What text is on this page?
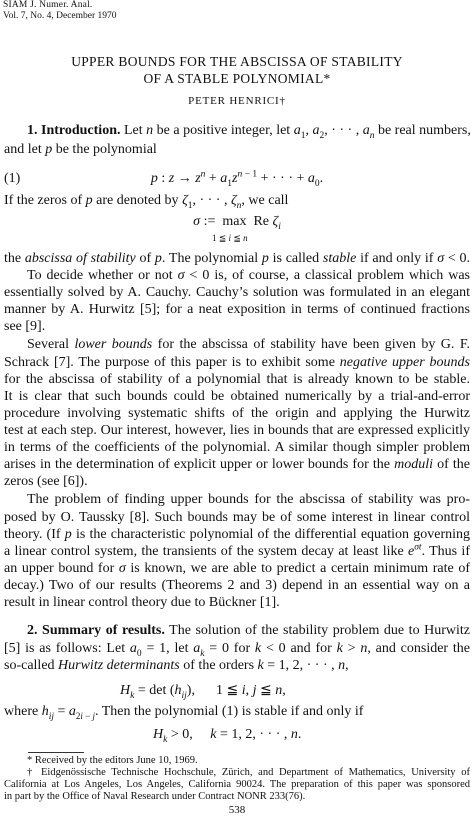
SIAM J. Numer. Anal.
Vol. 7, No. 4, December 1970
UPPER BOUNDS FOR THE ABSCISSA OF STABILITY
OF A STABLE POLYNOMIAL*
PETER HENRICI†
1. Introduction. Let n be a positive integer, let $a_1$, $a_2$, · · · , $a_n$ be real numbers,
and let p be the polynomial
(1)	p : $z \to z^n + a_1z^{n - 1}$ + · · · + $a_0$.
If the zeros of p are denoted by $\zeta_1$, · · · , $\zeta_n$, we call
σ :=  max  Re $\zeta_i$
1 ≦ i ≦ n
the abscissa of stability of p. The polynomial p is called stable if and only if σ < 0.
To decide whether or not σ < 0 is, of course, a classical problem which was
essentially solved by A. Cauchy. Cauchy’s solution was formulated in an elegant
manner by A. Hurwitz [5]; for a neat exposition in terms of continued fractions
see [9].
Several lower bounds for the abscissa of stability have been given by G. F.
Schrack [7]. The purpose of this paper is to exhibit some negative upper bounds
for the abscissa of stability of a polynomial that is already known to be stable.
It is clear that such bounds could be obtained numerically by a trial-and-error
procedure involving systematic shifts of the origin and applying the Hurwitz
test at each step. Our interest, however, lies in bounds that are expressed explicitly
in terms of the coefficients of the polynomial. A similar though simpler problem
arises in the determination of explicit upper or lower bounds for the moduli of the
zeros (see [6]).
The problem of finding upper bounds for the abscissa of stability was pro-
posed by O. Taussky [8]. Such bounds may be of some interest in linear control
theory. (If p is the characteristic polynomial of the differential equation governing
a linear control system, the transients of the system decay at least like $e^{\sigma t}$. Thus if
an upper bound for σ is known, we are able to predict a certain minimum rate of
decay.) Two of our results (Theorems 2 and 3) depend in an essential way on a
result in linear control theory due to Bückner [1].
2. Summary of results. The solution of the stability problem due to Hurwitz
[5] is as follows: Let $a_0 = 1$, let $a_k = 0$ for k < 0 and for k > n, and consider the
so-called Hurwitz determinants of the orders k = 1, 2, · · · , n,
$H_k = \det (h_{ij})$,      1 ≦ i, j ≦ n,
where $h_{ij} = a_{2i - j}$. Then the polynomial (1) is stable if and only if
$H_k > 0$,     k = 1, 2, · · · , n.
* Received by the editors June 10, 1969.
† Eidgenössische Technische Hochschule, Zürich, and Department of Mathematics, University of
California at Los Angeles, Los Angeles, California 90024. The preparation of this paper was sponsored
in part by the Office of Naval Research under Contract NONR 233(76).
538
